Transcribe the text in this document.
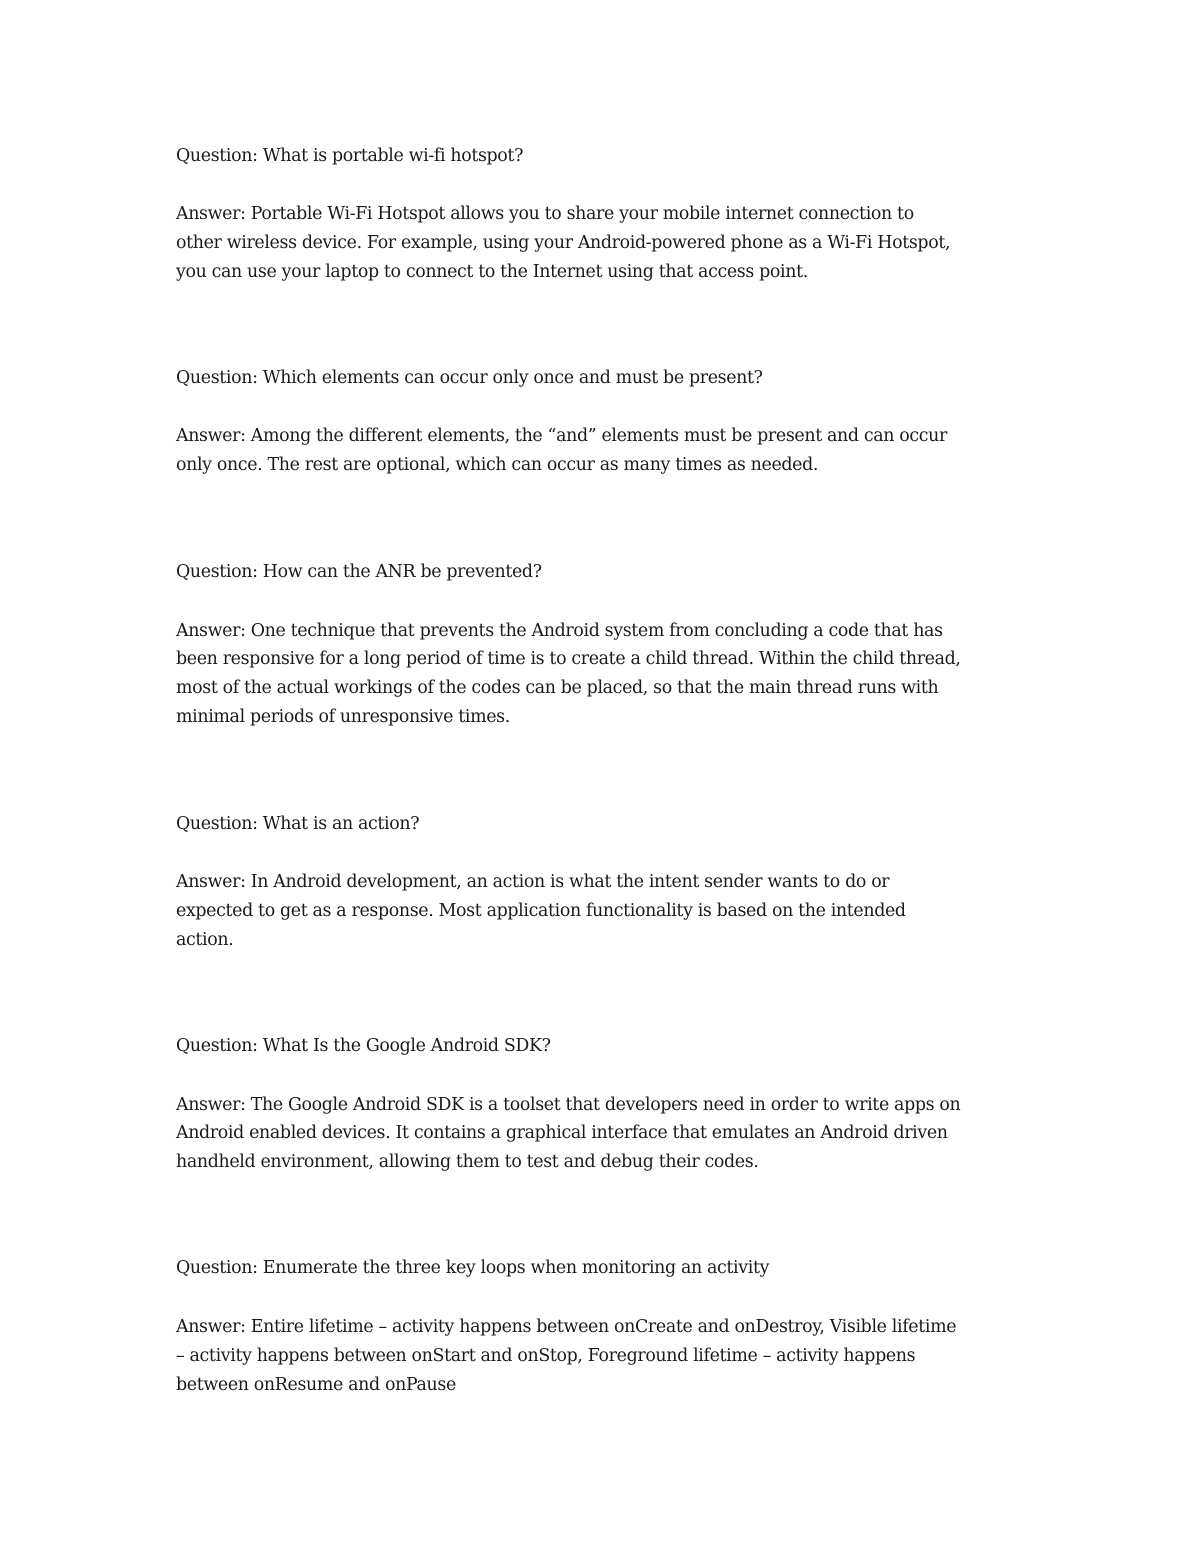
Question: What is portable wi-fi hotspot?

Answer: Portable Wi-Fi Hotspot allows you to share your mobile internet connection to

other wireless device. For example, using your Android-powered phone as a Wi-Fi Hotspot,

you can use your laptop to connect to the Internet using that access point.

Question: Which elements can occur only once and must be present?

Answer: Among the different elements, the “and” elements must be present and can occur

only once. The rest are optional, which can occur as many times as needed.

Question: How can the ANR be prevented?

Answer: One technique that prevents the Android system from concluding a code that has

been responsive for a long period of time is to create a child thread. Within the child thread,

most of the actual workings of the codes can be placed, so that the main thread runs with

minimal periods of unresponsive times.

Question: What is an action?

Answer: In Android development, an action is what the intent sender wants to do or

expected to get as a response. Most application functionality is based on the intended

action.

Question: What Is the Google Android SDK?

Answer: The Google Android SDK is a toolset that developers need in order to write apps on

Android enabled devices. It contains a graphical interface that emulates an Android driven

handheld environment, allowing them to test and debug their codes.

Question: Enumerate the three key loops when monitoring an activity

Answer: Entire lifetime – activity happens between onCreate and onDestroy, Visible lifetime

– activity happens between onStart and onStop, Foreground lifetime – activity happens

between onResume and onPause
